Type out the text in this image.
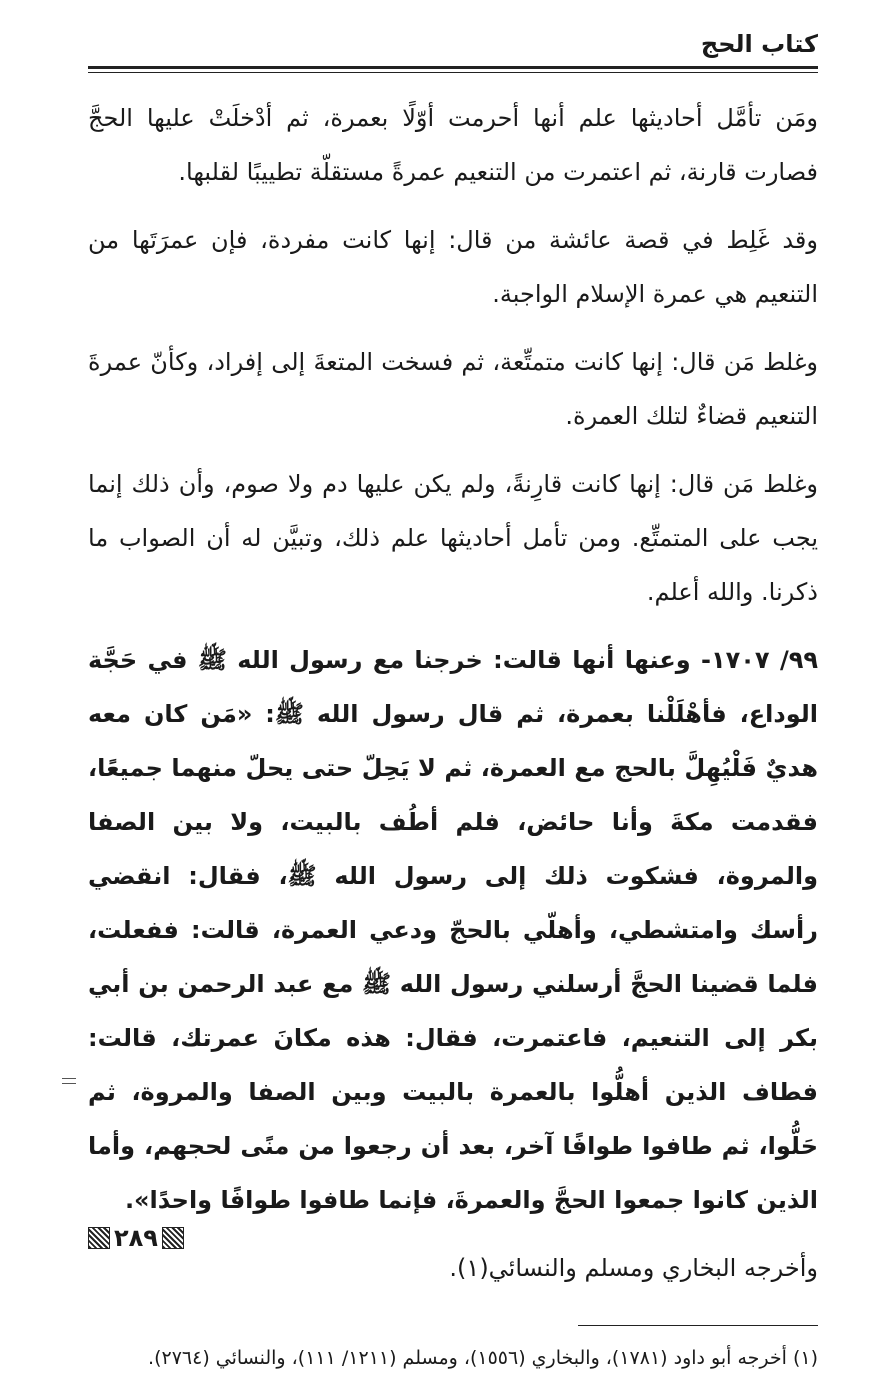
كتاب الحج

ومَن تأمَّل أحاديثها علم أنها أحرمت أوّلًا بعمرة، ثم أدْخلَتْ عليها الحجَّ فصارت قارنة، ثم اعتمرت من التنعيم عمرةً مستقلّة تطييبًا لقلبها.

وقد غَلِط في قصة عائشة من قال: إنها كانت مفردة، فإن عمرَتَها من التنعيم هي عمرة الإسلام الواجبة.

وغلط مَن قال: إنها كانت متمتِّعة، ثم فسخت المتعةَ إلى إفراد، وكأنّ عمرةَ التنعيم قضاءٌ لتلك العمرة.

وغلط مَن قال: إنها كانت قارِنةً، ولم يكن عليها دم ولا صوم، وأن ذلك إنما يجب على المتمتِّع. ومن تأمل أحاديثها علم ذلك، وتبيَّن له أن الصواب ما ذكرنا. والله أعلم.

٩٩/ ١٧٠٧- وعنها أنها قالت: خرجنا مع رسول الله ﷺ في حَجَّة الوداع، فأهْلَلْنا بعمرة، ثم قال رسول الله ﷺ: «مَن كان معه هديٌ فَلْيُهِلَّ بالحج مع العمرة، ثم لا يَحِلّ حتى يحلّ منهما جميعًا، فقدمت مكةَ وأنا حائض، فلم أطُف بالبيت، ولا بين الصفا والمروة، فشكوت ذلك إلى رسول الله ﷺ، فقال: انقضي رأسك وامتشطي، وأهلّي بالحجّ ودعي العمرة، قالت: ففعلت، فلما قضينا الحجَّ أرسلني رسول الله ﷺ مع عبد الرحمن بن أبي بكر إلى التنعيم، فاعتمرت، فقال: هذه مكانَ عمرتك، قالت: فطاف الذين أهلُّوا بالعمرة بالبيت وبين الصفا والمروة، ثم حَلُّوا، ثم طافوا طوافًا آخر، بعد أن رجعوا من منًى لحجهم، وأما الذين كانوا جمعوا الحجَّ والعمرةَ، فإنما طافوا طوافًا واحدًا».

وأخرجه البخاري ومسلم والنسائي(١).

(١) أخرجه أبو داود (١٧٨١)، والبخاري (١٥٥٦)، ومسلم (١٢١١/ ١١١)، والنسائي (٢٧٦٤).

٢٨٩
